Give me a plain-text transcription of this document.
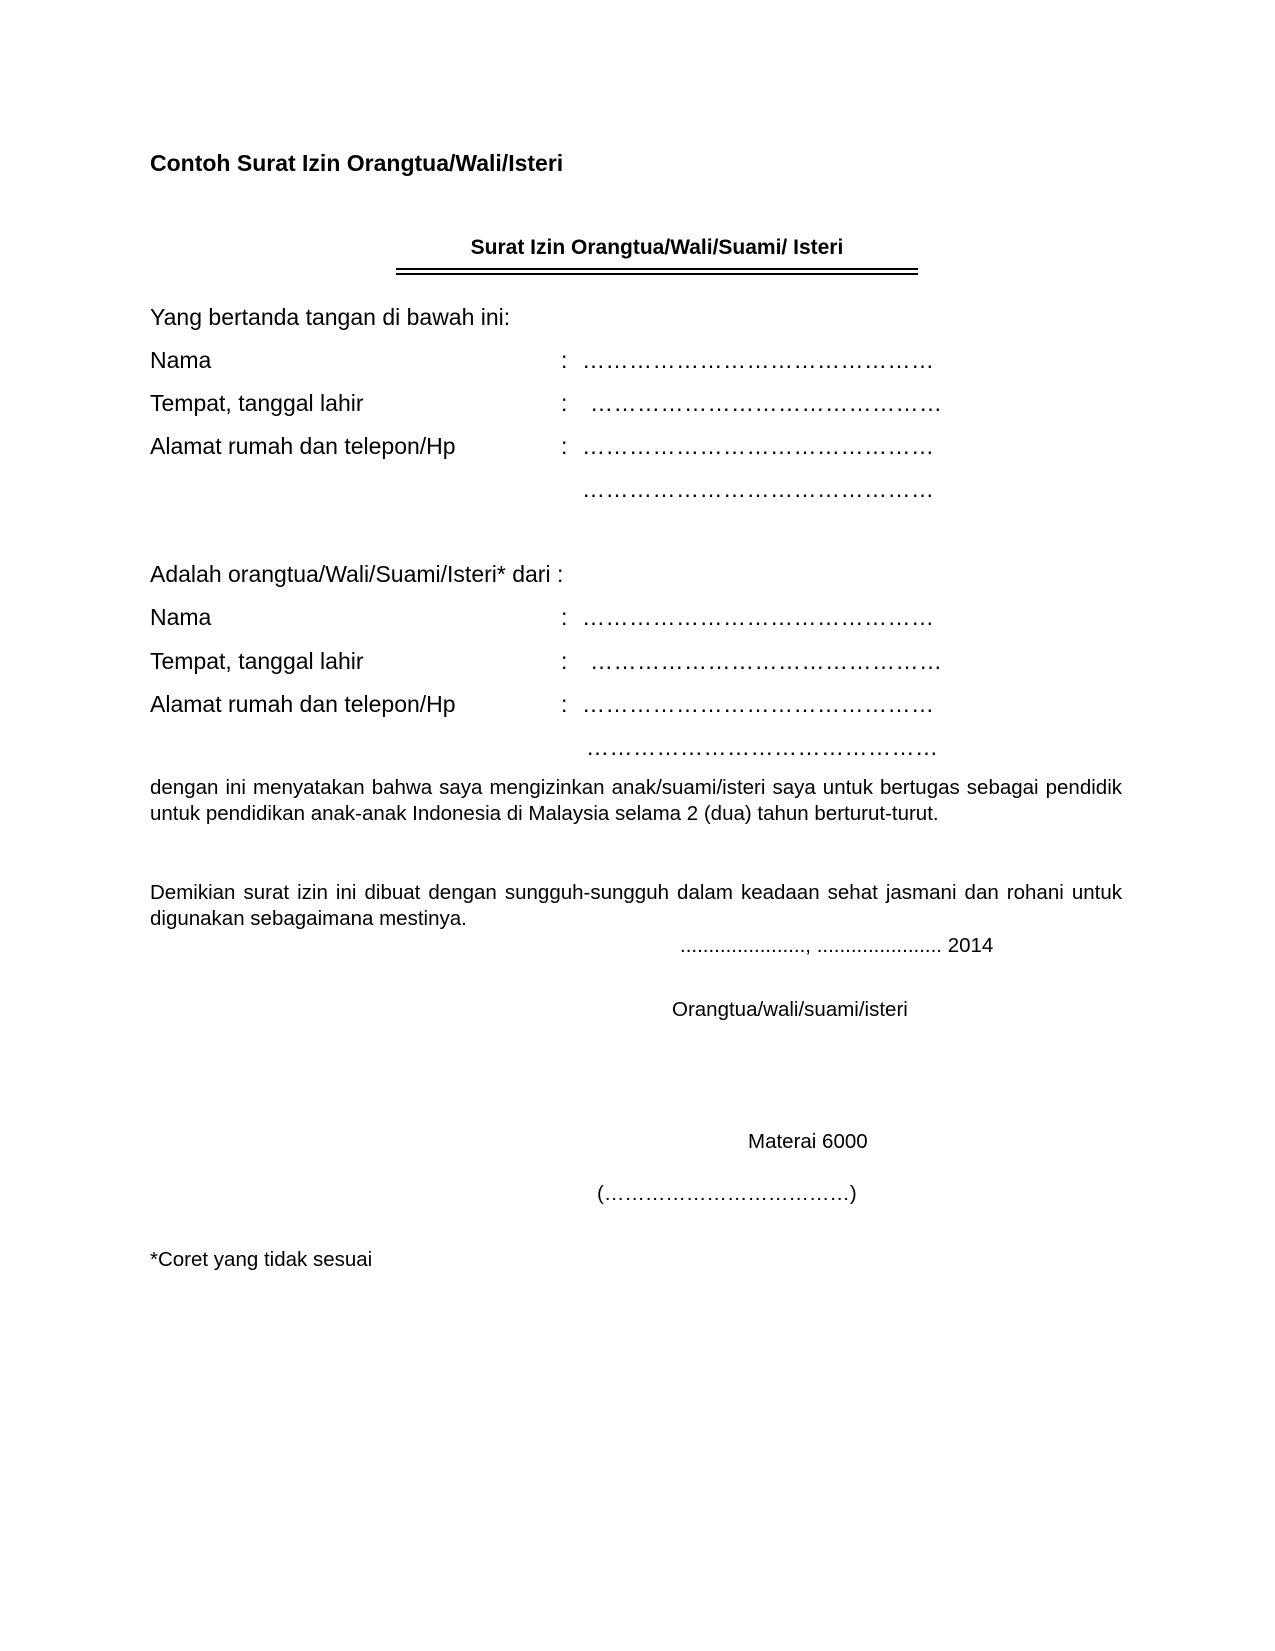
Contoh Surat Izin Orangtua/Wali/Isteri
Surat Izin Orangtua/Wali/Suami/ Isteri
Yang bertanda tangan di bawah ini:
Nama	: ………………………………………
Tempat, tanggal lahir	: ………………………………………
Alamat rumah dan telepon/Hp	: ………………………………………
………………………………………
Adalah orangtua/Wali/Suami/Isteri* dari :
Nama	: ………………………………………
Tempat, tanggal lahir	: ………………………………………
Alamat rumah dan telepon/Hp	: ………………………………………
………………………………………
dengan ini menyatakan bahwa saya mengizinkan anak/suami/isteri saya untuk bertugas sebagai pendidik untuk pendidikan anak-anak Indonesia di Malaysia selama 2 (dua) tahun berturut-turut.
Demikian surat izin ini dibuat dengan sungguh-sungguh dalam keadaan sehat jasmani dan rohani untuk digunakan sebagaimana mestinya.
......................, ...................... 2014
Orangtua/wali/suami/isteri
Materai 6000
(………………………………)
*Coret yang tidak sesuai
